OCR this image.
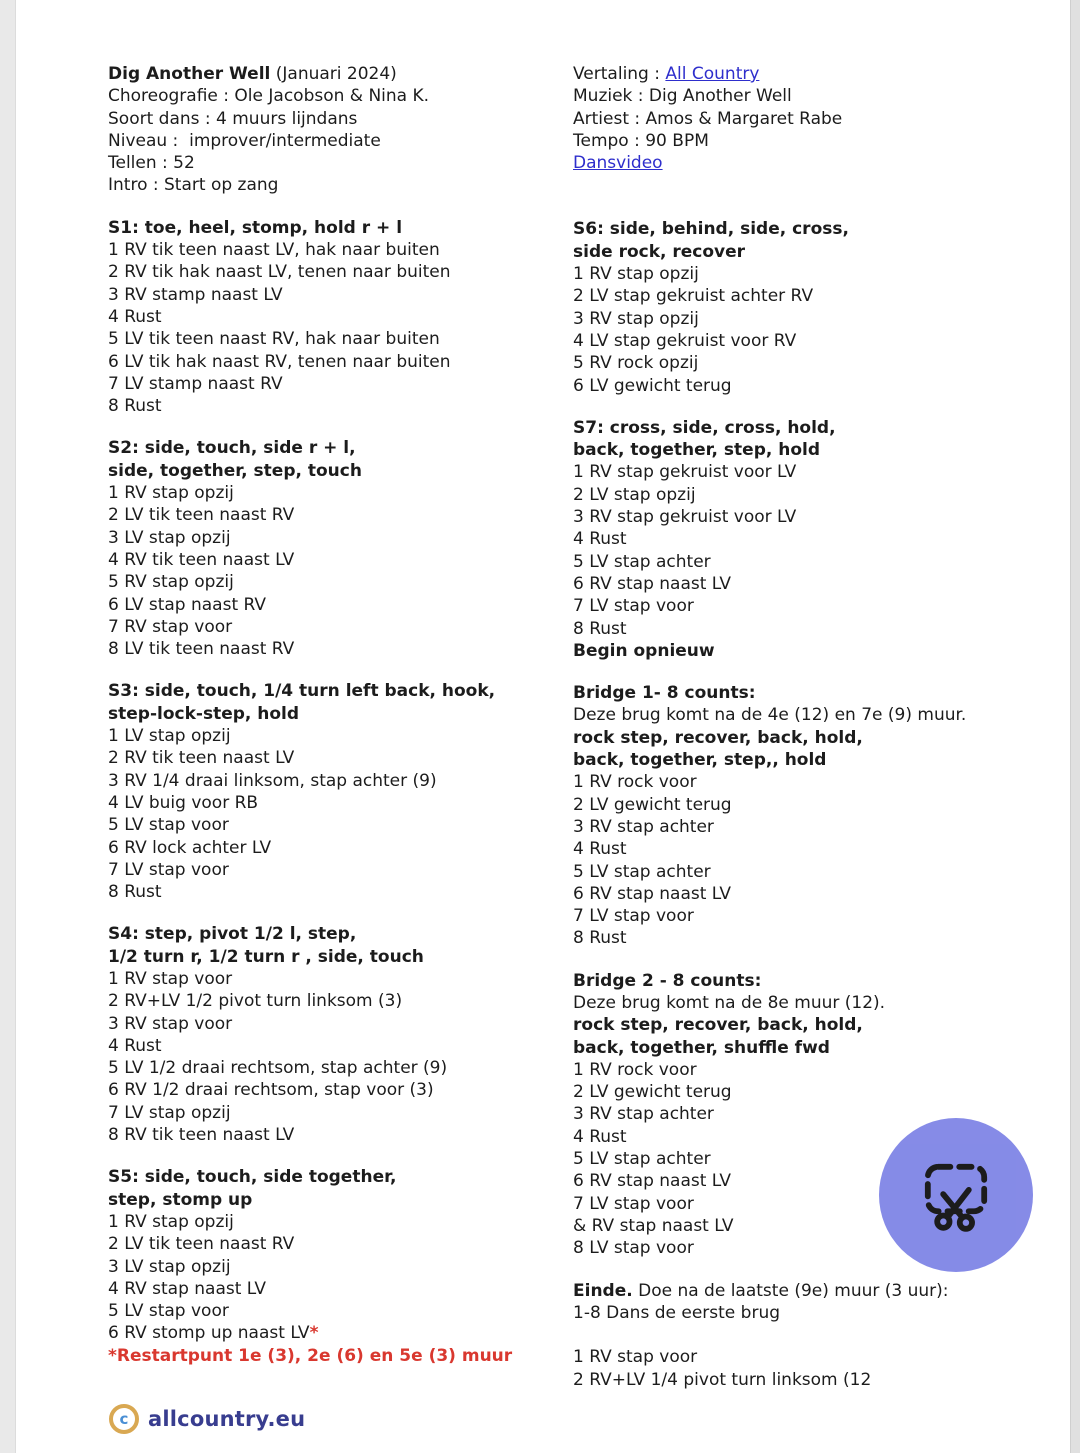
Dig Another Well (Januari 2024)
Choreografie : Ole Jacobson & Nina K.
Soort dans : 4 muurs lijndans
Niveau :  improver/intermediate
Tellen : 52
Intro : Start op zang
S1: toe, heel, stomp, hold r + l
1 RV tik teen naast LV, hak naar buiten
2 RV tik hak naast LV, tenen naar buiten
3 RV stamp naast LV
4 Rust
5 LV tik teen naast RV, hak naar buiten
6 LV tik hak naast RV, tenen naar buiten
7 LV stamp naast RV
8 Rust
S2: side, touch, side r + l,
side, together, step, touch
1 RV stap opzij
2 LV tik teen naast RV
3 LV stap opzij
4 RV tik teen naast LV
5 RV stap opzij
6 LV stap naast RV
7 RV stap voor
8 LV tik teen naast RV
S3: side, touch, 1/4 turn left back, hook,
step-lock-step, hold
1 LV stap opzij
2 RV tik teen naast LV
3 RV 1/4 draai linksom, stap achter (9)
4 LV buig voor RB
5 LV stap voor
6 RV lock achter LV
7 LV stap voor
8 Rust
S4: step, pivot 1/2 l, step,
1/2 turn r, 1/2 turn r , side, touch
1 RV stap voor
2 RV+LV 1/2 pivot turn linksom (3)
3 RV stap voor
4 Rust
5 LV 1/2 draai rechtsom, stap achter (9)
6 RV 1/2 draai rechtsom, stap voor (3)
7 LV stap opzij
8 RV tik teen naast LV
S5: side, touch, side together,
step, stomp up
1 RV stap opzij
2 LV tik teen naast RV
3 LV stap opzij
4 RV stap naast LV
5 LV stap voor
6 RV stomp up naast LV*
*Restartpunt 1e (3), 2e (6) en 5e (3) muur
Vertaling : All Country
Muziek : Dig Another Well
Artiest : Amos & Margaret Rabe
Tempo : 90 BPM
Dansvideo
S6: side, behind, side, cross,
side rock, recover
1 RV stap opzij
2 LV stap gekruist achter RV
3 RV stap opzij
4 LV stap gekruist voor RV
5 RV rock opzij
6 LV gewicht terug
S7: cross, side, cross, hold,
back, together, step, hold
1 RV stap gekruist voor LV
2 LV stap opzij
3 RV stap gekruist voor LV
4 Rust
5 LV stap achter
6 RV stap naast LV
7 LV stap voor
8 Rust
Begin opnieuw
Bridge 1- 8 counts:
Deze brug komt na de 4e (12) en 7e (9) muur.
rock step, recover, back, hold,
back, together, step,, hold
1 RV rock voor
2 LV gewicht terug
3 RV stap achter
4 Rust
5 LV stap achter
6 RV stap naast LV
7 LV stap voor
8 Rust
Bridge 2 - 8 counts:
Deze brug komt na de 8e muur (12).
rock step, recover, back, hold,
back, together, shuffle fwd
1 RV rock voor
2 LV gewicht terug
3 RV stap achter
4 Rust
5 LV stap achter
6 RV stap naast LV
7 LV stap voor
& RV stap naast LV
8 LV stap voor
Einde. Doe na de laatste (9e) muur (3 uur):
1-8 Dans de eerste brug
1 RV stap voor
2 RV+LV 1/4 pivot turn linksom (12
c allcountry.eu
